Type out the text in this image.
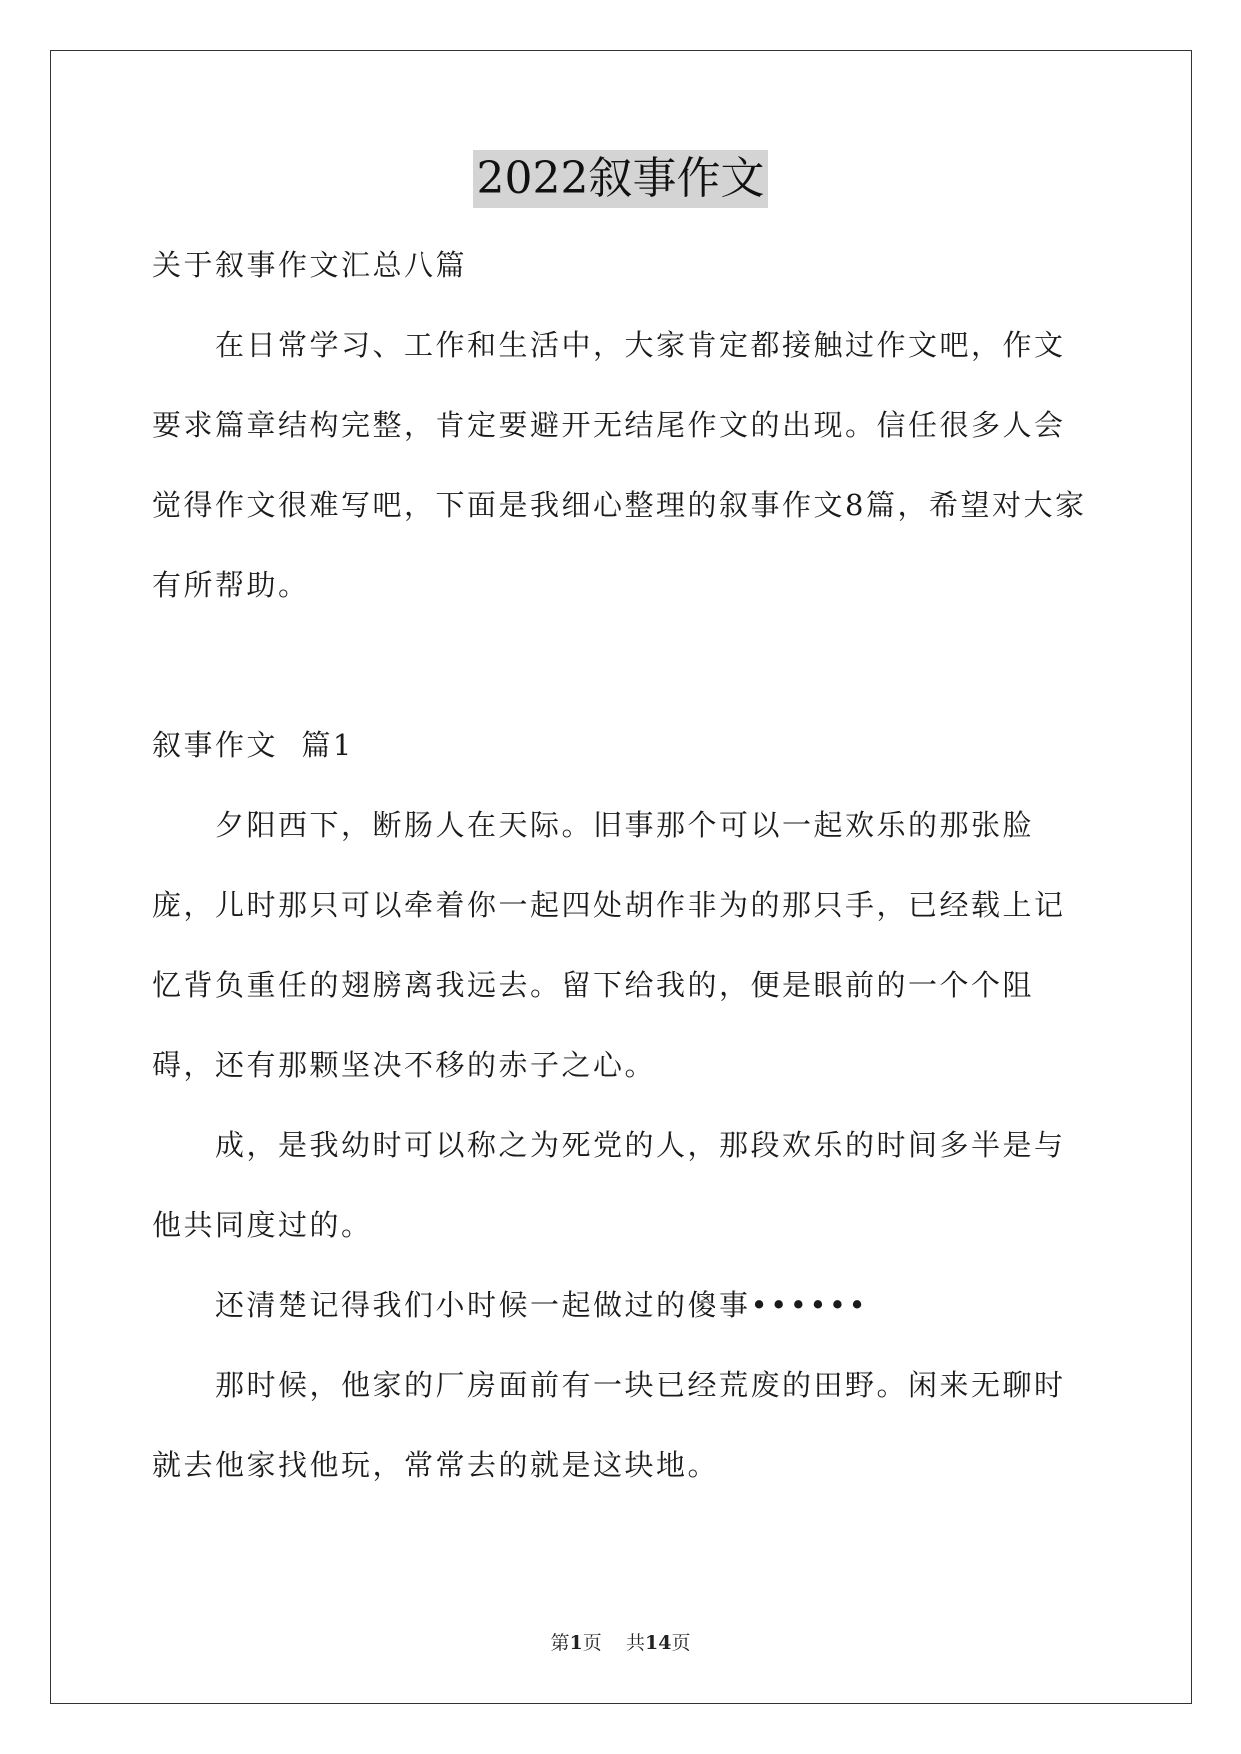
2022叙事作文

关于叙事作文汇总八篇

在日常学习、工作和生活中，大家肯定都接触过作文吧，作文要求篇章结构完整，肯定要避开无结尾作文的出现。信任很多人会觉得作文很难写吧，下面是我细心整理的叙事作文8篇，希望对大家有所帮助。

叙事作文  篇1

夕阳西下，断肠人在天际。旧事那个可以一起欢乐的那张脸庞，儿时那只可以牵着你一起四处胡作非为的那只手，已经载上记忆背负重任的翅膀离我远去。留下给我的，便是眼前的一个个阻碍，还有那颗坚决不移的赤子之心。

成，是我幼时可以称之为死党的人，那段欢乐的时间多半是与他共同度过的。

还清楚记得我们小时候一起做过的傻事••••••

那时候，他家的厂房面前有一块已经荒废的田野。闲来无聊时就去他家找他玩，常常去的就是这块地。

第1页 共14页
